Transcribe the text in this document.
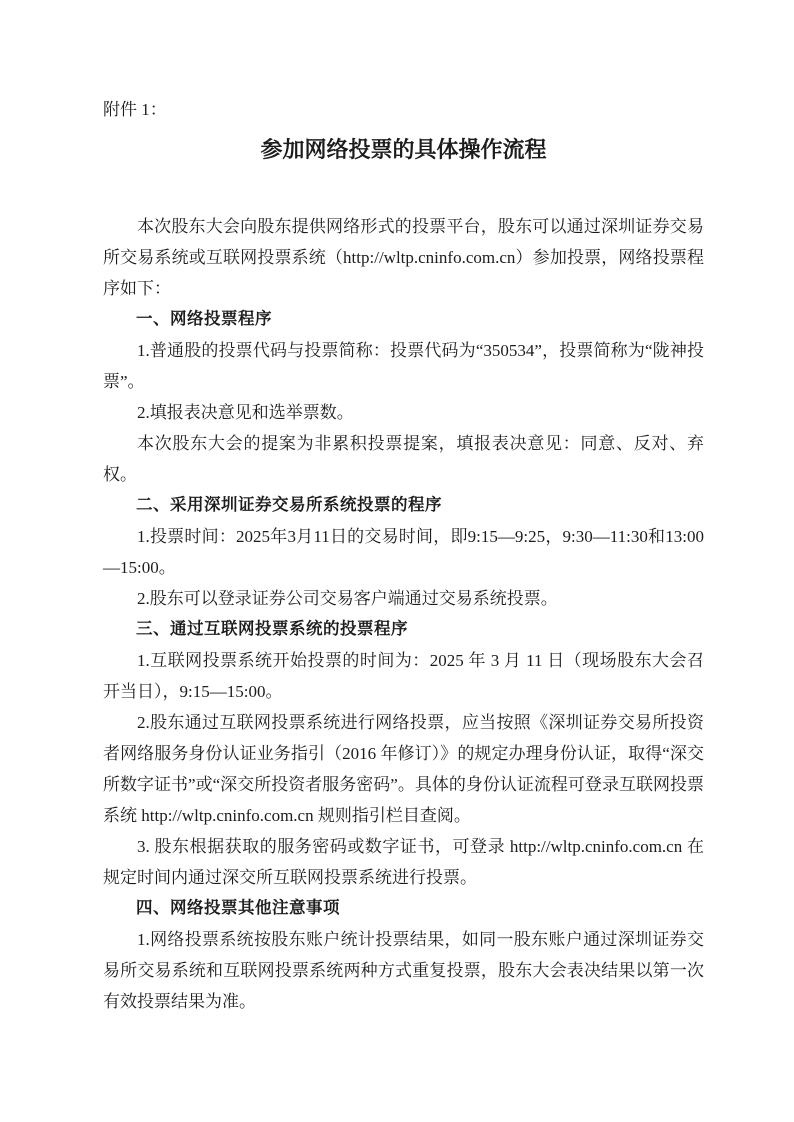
附件 1：
参加网络投票的具体操作流程

本次股东大会向股东提供网络形式的投票平台，股东可以通过深圳证券交易所交易系统或互联网投票系统（http://wltp.cninfo.com.cn）参加投票，网络投票程序如下：

一、网络投票程序

1.普通股的投票代码与投票简称：投票代码为“350534”，投票简称为“陇神投票”。

2.填报表决意见和选举票数。

本次股东大会的提案为非累积投票提案，填报表决意见：同意、反对、弃权。

二、采用深圳证券交易所系统投票的程序

1.投票时间：2025年3月11日的交易时间，即9:15—9:25，9:30—11:30和13:00—15:00。

2.股东可以登录证券公司交易客户端通过交易系统投票。

三、通过互联网投票系统的投票程序

1.互联网投票系统开始投票的时间为：2025 年 3 月 11 日（现场股东大会召开当日），9:15—15:00。

2.股东通过互联网投票系统进行网络投票，应当按照《深圳证券交易所投资者网络服务身份认证业务指引（2016 年修订）》的规定办理身份认证，取得“深交所数字证书”或“深交所投资者服务密码”。具体的身份认证流程可登录互联网投票系统 http://wltp.cninfo.com.cn 规则指引栏目查阅。

3. 股东根据获取的服务密码或数字证书，可登录 http://wltp.cninfo.com.cn 在规定时间内通过深交所互联网投票系统进行投票。

四、网络投票其他注意事项

1.网络投票系统按股东账户统计投票结果，如同一股东账户通过深圳证券交易所交易系统和互联网投票系统两种方式重复投票，股东大会表决结果以第一次有效投票结果为准。
